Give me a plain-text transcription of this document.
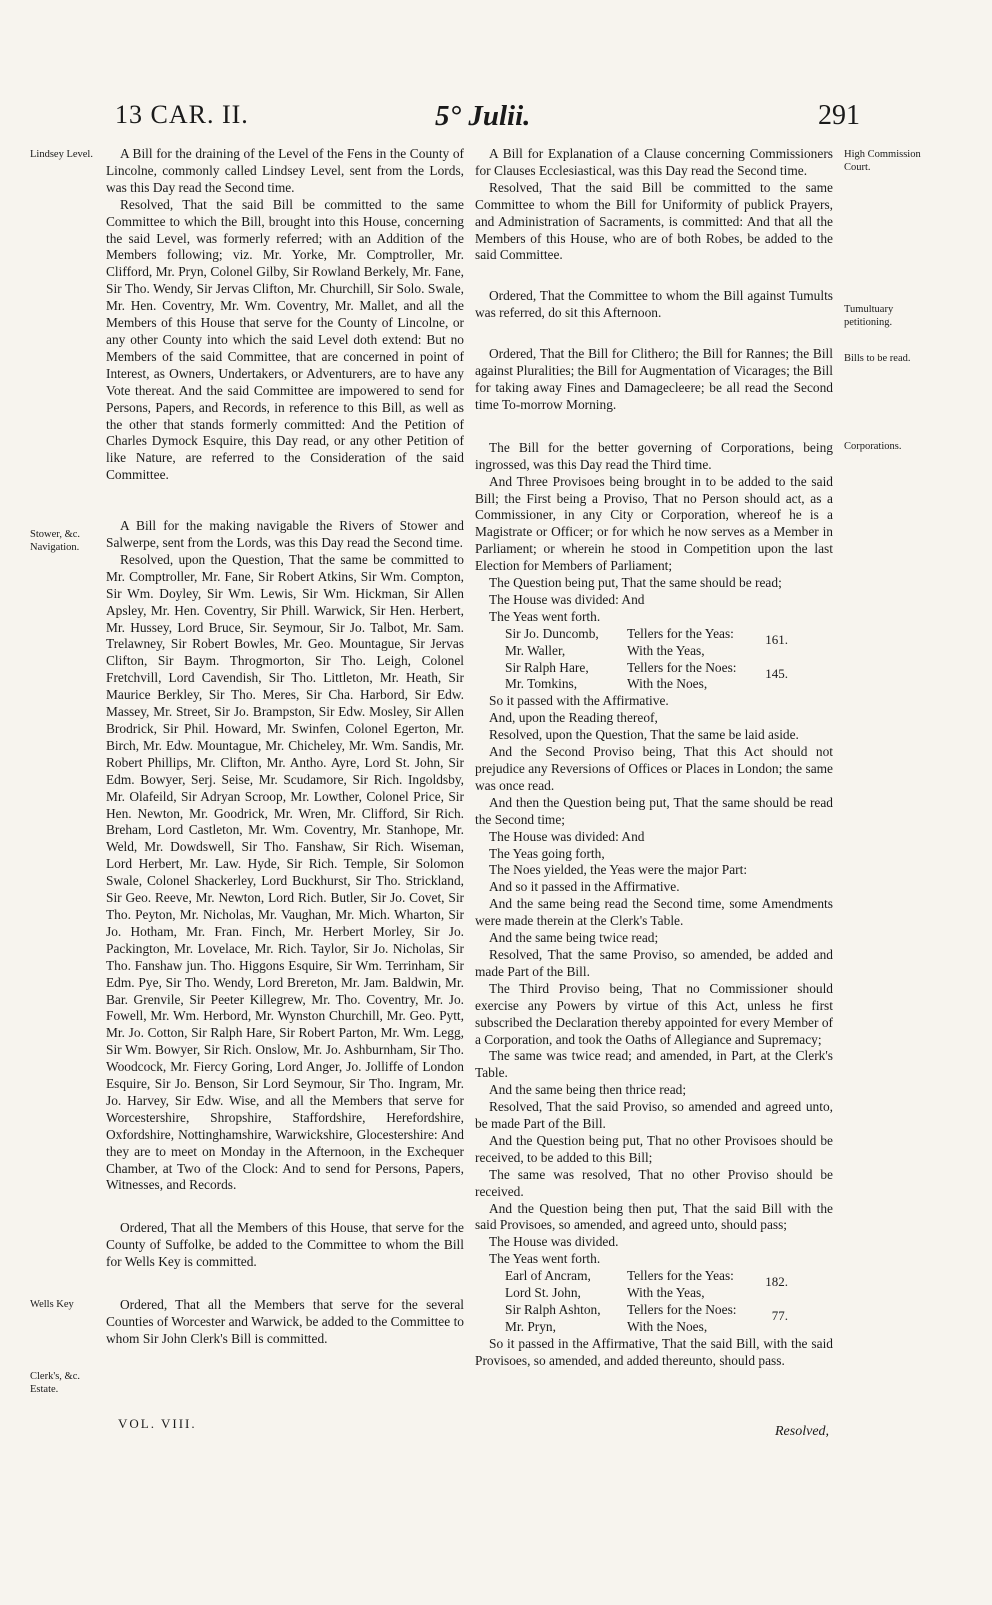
13 CAR. II.	5° Julii.	291
Lindsey Level.
Stower, &c. Navigation.
Wells Key
Clerk's, &c. Estate.
High Commission Court.
Tumultuary petitioning.
Bills to be read.
Corporations.

A Bill for the draining of the Level of the Fens in the County of Lincolne, commonly called Lindsey Level, sent from the Lords, was this Day read the Second time.

Resolved, That the said Bill be committed to the same Committee to which the Bill, brought into this House, concerning the said Level, was formerly referred; with an Addition of the Members following; viz. Mr. Yorke, Mr. Comptroller, Mr. Clifford, Mr. Pryn, Colonel Gilby, Sir Rowland Berkely, Mr. Fane, Sir Tho. Wendy, Sir Jervas Clifton, Mr. Churchill, Sir Solo. Swale, Mr. Hen. Coventry, Mr. Wm. Coventry, Mr. Mallet, and all the Members of this House that serve for the County of Lincolne, or any other County into which the said Level doth extend: But no Members of the said Committee, that are concerned in point of Interest, as Owners, Undertakers, or Adventurers, are to have any Vote thereat. And the said Committee are impowered to send for Persons, Papers, and Records, in reference to this Bill, as well as the other that stands formerly committed: And the Petition of Charles Dymock Esquire, this Day read, or any other Petition of like Nature, are referred to the Consideration of the said Committee.

A Bill for the making navigable the Rivers of Stower and Salwerpe, sent from the Lords, was this Day read the Second time.

Resolved, upon the Question, That the same be committed to Mr. Comptroller, Mr. Fane, Sir Robert Atkins, Sir Wm. Compton, Sir Wm. Doyley, Sir Wm. Lewis, Sir Wm. Hickman, Sir Allen Apsley, Mr. Hen. Coventry, Sir Phill. Warwick, Sir Hen. Herbert, Mr. Hussey, Lord Bruce, Sir. Seymour, Sir Jo. Talbot, Mr. Sam. Trelawney, Sir Robert Bowles, Mr. Geo. Mountague, Sir Jervas Clifton, Sir Baym. Throgmorton, Sir Tho. Leigh, Colonel Fretchvill, Lord Cavendish, Sir Tho. Littleton, Mr. Heath, Sir Maurice Berkley, Sir Tho. Meres, Sir Cha. Harbord, Sir Edw. Massey, Mr. Street, Sir Jo. Brampston, Sir Edw. Mosley, Sir Allen Brodrick, Sir Phil. Howard, Mr. Swinfen, Colonel Egerton, Mr. Birch, Mr. Edw. Mountague, Mr. Chicheley, Mr. Wm. Sandis, Mr. Robert Phillips, Mr. Clifton, Mr. Antho. Ayre, Lord St. John, Sir Edm. Bowyer, Serj. Seise, Mr. Scudamore, Sir Rich. Ingoldsby, Mr. Olafeild, Sir Adryan Scroop, Mr. Lowther, Colonel Price, Sir Hen. Newton, Mr. Goodrick, Mr. Wren, Mr. Clifford, Sir Rich. Breham, Lord Castleton, Mr. Wm. Coventry, Mr. Stanhope, Mr. Weld, Mr. Dowdswell, Sir Tho. Fanshaw, Sir Rich. Wiseman, Lord Herbert, Mr. Law. Hyde, Sir Rich. Temple, Sir Solomon Swale, Colonel Shackerley, Lord Buckhurst, Sir Tho. Strickland, Sir Geo. Reeve, Mr. Newton, Lord Rich. Butler, Sir Jo. Covet, Sir Tho. Peyton, Mr. Nicholas, Mr. Vaughan, Mr. Mich. Wharton, Sir Jo. Hotham, Mr. Fran. Finch, Mr. Herbert Morley, Sir Jo. Packington, Mr. Lovelace, Mr. Rich. Taylor, Sir Jo. Nicholas, Sir Tho. Fanshaw jun. Tho. Higgons Esquire, Sir Wm. Terrinham, Sir Edm. Pye, Sir Tho. Wendy, Lord Brereton, Mr. Jam. Baldwin, Mr. Bar. Grenvile, Sir Peeter Killegrew, Mr. Tho. Coventry, Mr. Jo. Fowell, Mr. Wm. Herbord, Mr. Wynston Churchill, Mr. Geo. Pytt, Mr. Jo. Cotton, Sir Ralph Hare, Sir Robert Parton, Mr. Wm. Legg, Sir Wm. Bowyer, Sir Rich. Onslow, Mr. Jo. Ashburnham, Sir Tho. Woodcock, Mr. Fiercy Goring, Lord Anger, Jo. Jolliffe of London Esquire, Sir Jo. Benson, Sir Lord Seymour, Sir Tho. Ingram, Mr. Jo. Harvey, Sir Edw. Wise, and all the Members that serve for Worcestershire, Shropshire, Staffordshire, Herefordshire, Oxfordshire, Nottinghamshire, Warwickshire, Glocestershire: And they are to meet on Monday in the Afternoon, in the Exchequer Chamber, at Two of the Clock: And to send for Persons, Papers, Witnesses, and Records.

Ordered, That all the Members of this House, that serve for the County of Suffolke, be added to the Committee to whom the Bill for Wells Key is committed.

Ordered, That all the Members that serve for the several Counties of Worcester and Warwick, be added to the Committee to whom Sir John Clerk's Bill is committed.

A Bill for Explanation of a Clause concerning Commissioners for Clauses Ecclesiastical, was this Day read the Second time.

Resolved, That the said Bill be committed to the same Committee to whom the Bill for Uniformity of publick Prayers, and Administration of Sacraments, is committed: And that all the Members of this House, who are of both Robes, be added to the said Committee.

Ordered, That the Committee to whom the Bill against Tumults was referred, do sit this Afternoon.

Ordered, That the Bill for Clithero; the Bill for Rannes; the Bill against Pluralities; the Bill for Augmentation of Vicarages; the Bill for taking away Fines and Damagecleere; be all read the Second time To-morrow Morning.

The Bill for the better governing of Corporations, being ingrossed, was this Day read the Third time.

And Three Provisoes being brought in to be added to the said Bill; the First being a Proviso, That no Person should act, as a Commissioner, in any City or Corporation, whereof he is a Magistrate or Officer; or for which he now serves as a Member in Parliament; or wherein he stood in Competition upon the last Election for Members of Parliament;

The Question being put, That the same should be read;

The House was divided: And

The Yeas went forth.

Sir Jo. Duncomb,	Tellers for the Yeas:
Mr. Waller,	With the Yeas,
161.
Sir Ralph Hare,	Tellers for the Noes:
Mr. Tomkins,	With the Noes,
145.

So it passed with the Affirmative.

And, upon the Reading thereof,

Resolved, upon the Question, That the same be laid aside.

And the Second Proviso being, That this Act should not prejudice any Reversions of Offices or Places in London; the same was once read.

And then the Question being put, That the same should be read the Second time;

The House was divided: And

The Yeas going forth,

The Noes yielded, the Yeas were the major Part:

And so it passed in the Affirmative.

And the same being read the Second time, some Amendments were made therein at the Clerk's Table.

And the same being twice read;

Resolved, That the same Proviso, so amended, be added and made Part of the Bill.

The Third Proviso being, That no Commissioner should exercise any Powers by virtue of this Act, unless he first subscribed the Declaration thereby appointed for every Member of a Corporation, and took the Oaths of Allegiance and Supremacy;

The same was twice read; and amended, in Part, at the Clerk's Table.

And the same being then thrice read;

Resolved, That the said Proviso, so amended and agreed unto, be made Part of the Bill.

And the Question being put, That no other Provisoes should be received, to be added to this Bill;

The same was resolved, That no other Proviso should be received.

And the Question being then put, That the said Bill with the said Provisoes, so amended, and agreed unto, should pass;

The House was divided.

The Yeas went forth.

Earl of Ancram,	Tellers for the Yeas:
Lord St. John,	With the Yeas,
182.
Sir Ralph Ashton,	Tellers for the Noes:
Mr. Pryn,	With the Noes,
77.

So it passed in the Affirmative, That the said Bill, with the said Provisoes, so amended, and added thereunto, should pass.

VOL. VIII.
Resolved,
